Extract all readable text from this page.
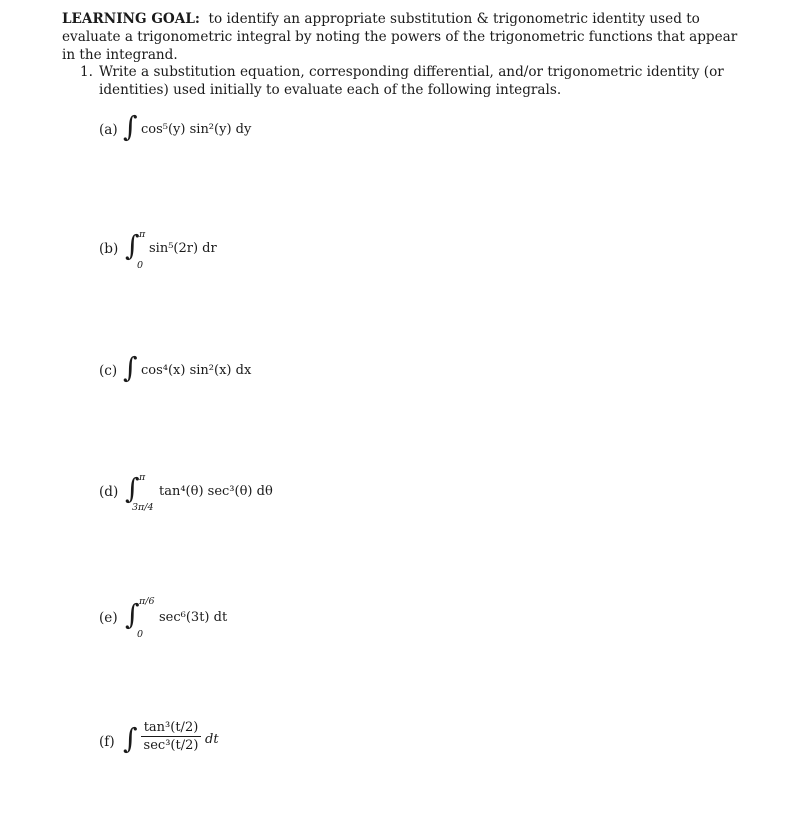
LEARNING GOAL: to identify an appropriate substitution & trigonometric identity used to evaluate a trigonometric integral by noting the powers of the trigonometric functions that appear in the integrand.
1. Write a substitution equation, corresponding differential, and/or trigonometric identity (or identities) used initially to evaluate each of the following integrals.
(a) ∫ cos⁵(y) sin²(y) dy
(b) ∫ π
0
sin⁵(2r) dr
(c) ∫ cos⁴(x) sin²(x) dx
(d) ∫ π
3π/4
tan⁴(θ) sec³(θ) dθ
(e) ∫ π/6
0
sec⁶(3t) dt
(f) ∫ tan³(t/2)
sec³(t/2) dt
